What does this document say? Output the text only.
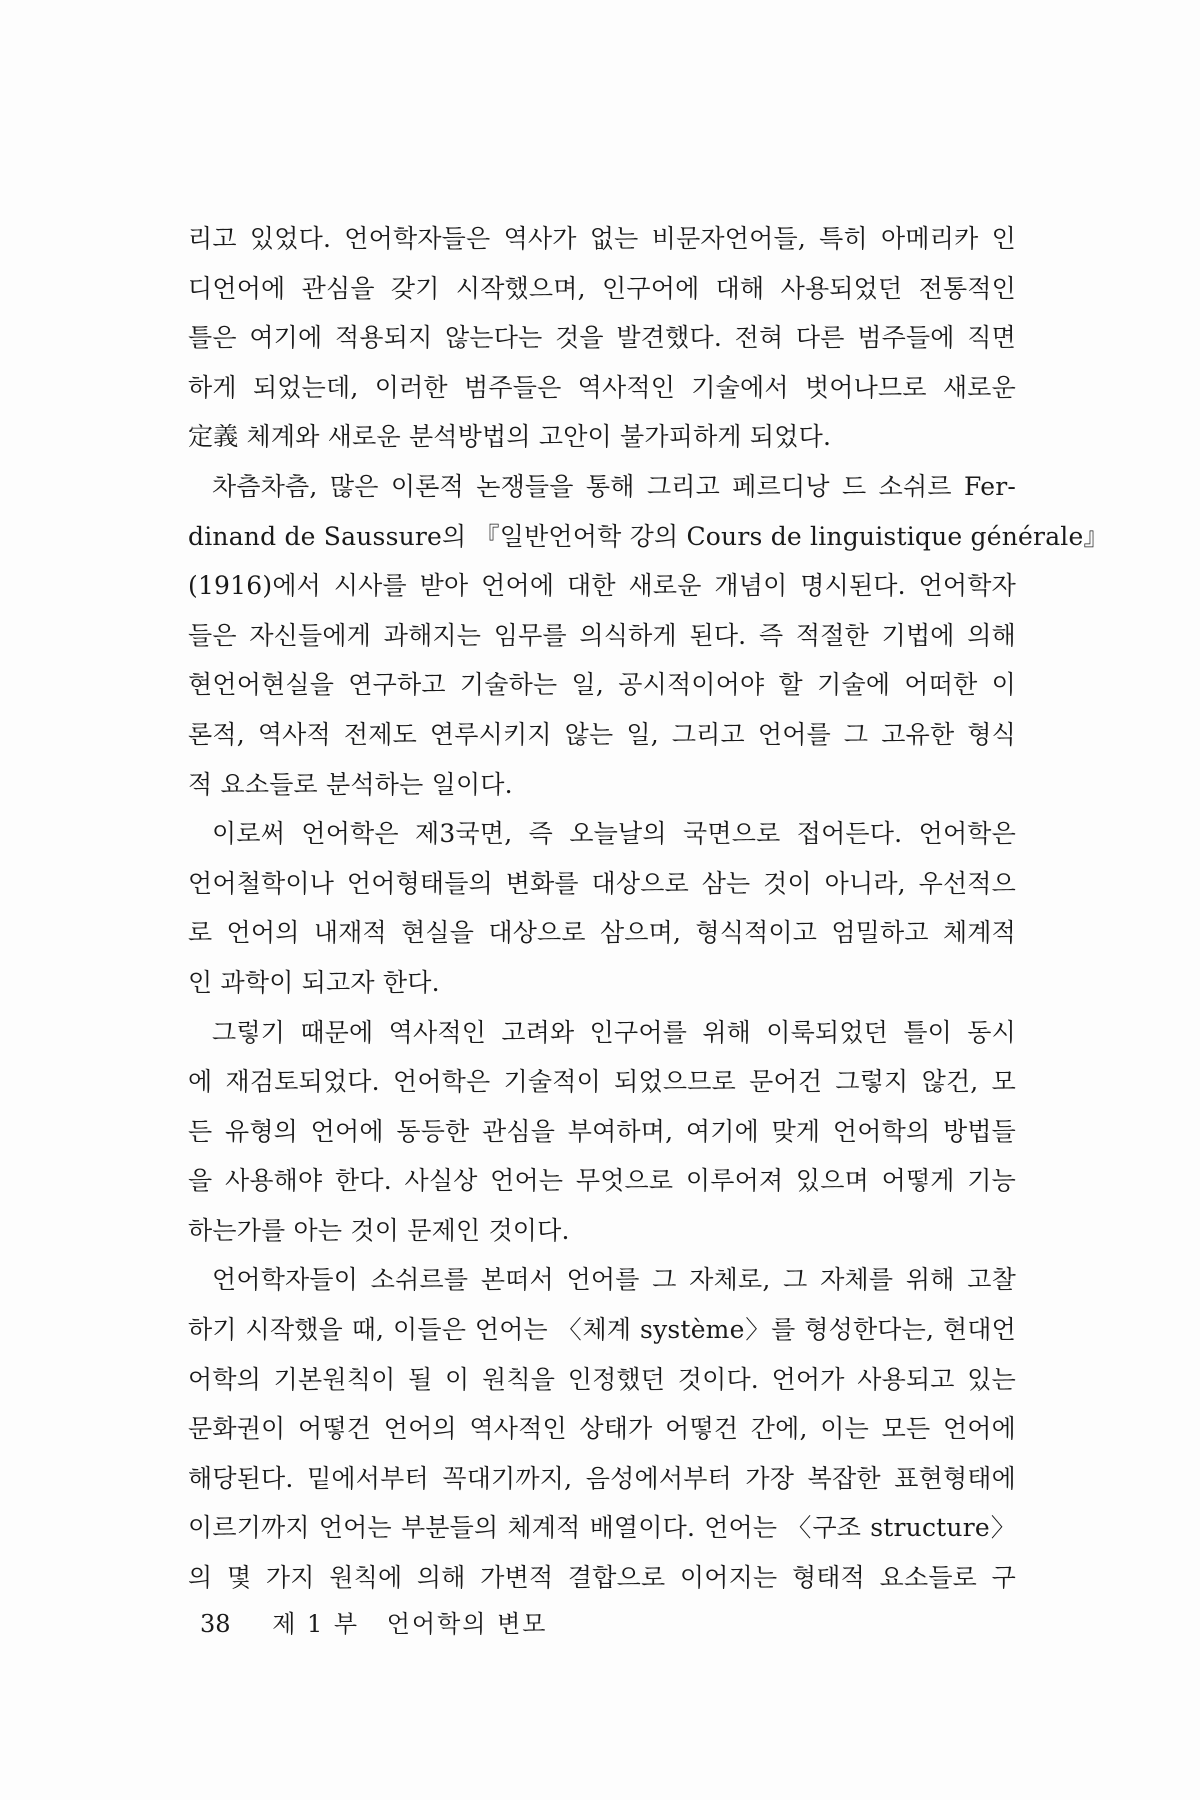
리고 있었다. 언어학자들은 역사가 없는 비문자언어들, 특히 아메리카 인
디언어에 관심을 갖기 시작했으며, 인구어에 대해 사용되었던 전통적인
틀은 여기에 적용되지 않는다는 것을 발견했다. 전혀 다른 범주들에 직면
하게 되었는데, 이러한 범주들은 역사적인 기술에서 벗어나므로 새로운
定義 체계와 새로운 분석방법의 고안이 불가피하게 되었다.
차츰차츰, 많은 이론적 논쟁들을 통해 그리고 페르디낭 드 소쉬르 Fer-
dinand de Saussure의 『일반언어학 강의 Cours de linguistique générale』
(1916)에서 시사를 받아 언어에 대한 새로운 개념이 명시된다. 언어학자
들은 자신들에게 과해지는 임무를 의식하게 된다. 즉 적절한 기법에 의해
현언어현실을 연구하고 기술하는 일, 공시적이어야 할 기술에 어떠한 이
론적, 역사적 전제도 연루시키지 않는 일, 그리고 언어를 그 고유한 형식
적 요소들로 분석하는 일이다.
이로써 언어학은 제3국면, 즉 오늘날의 국면으로 접어든다. 언어학은
언어철학이나 언어형태들의 변화를 대상으로 삼는 것이 아니라, 우선적으
로 언어의 내재적 현실을 대상으로 삼으며, 형식적이고 엄밀하고 체계적
인 과학이 되고자 한다.
그렇기 때문에 역사적인 고려와 인구어를 위해 이룩되었던 틀이 동시
에 재검토되었다. 언어학은 기술적이 되었으므로 문어건 그렇지 않건, 모
든 유형의 언어에 동등한 관심을 부여하며, 여기에 맞게 언어학의 방법들
을 사용해야 한다. 사실상 언어는 무엇으로 이루어져 있으며 어떻게 기능
하는가를 아는 것이 문제인 것이다.
언어학자들이 소쉬르를 본떠서 언어를 그 자체로, 그 자체를 위해 고찰
하기 시작했을 때, 이들은 언어는 〈체계 système〉를 형성한다는, 현대언
어학의 기본원칙이 될 이 원칙을 인정했던 것이다. 언어가 사용되고 있는
문화권이 어떻건 언어의 역사적인 상태가 어떻건 간에, 이는 모든 언어에
해당된다. 밑에서부터 꼭대기까지, 음성에서부터 가장 복잡한 표현형태에
이르기까지 언어는 부분들의 체계적 배열이다. 언어는 〈구조 structure〉
의 몇 가지 원칙에 의해 가변적 결합으로 이어지는 형태적 요소들로 구
38 제 1 부 언어학의 변모
